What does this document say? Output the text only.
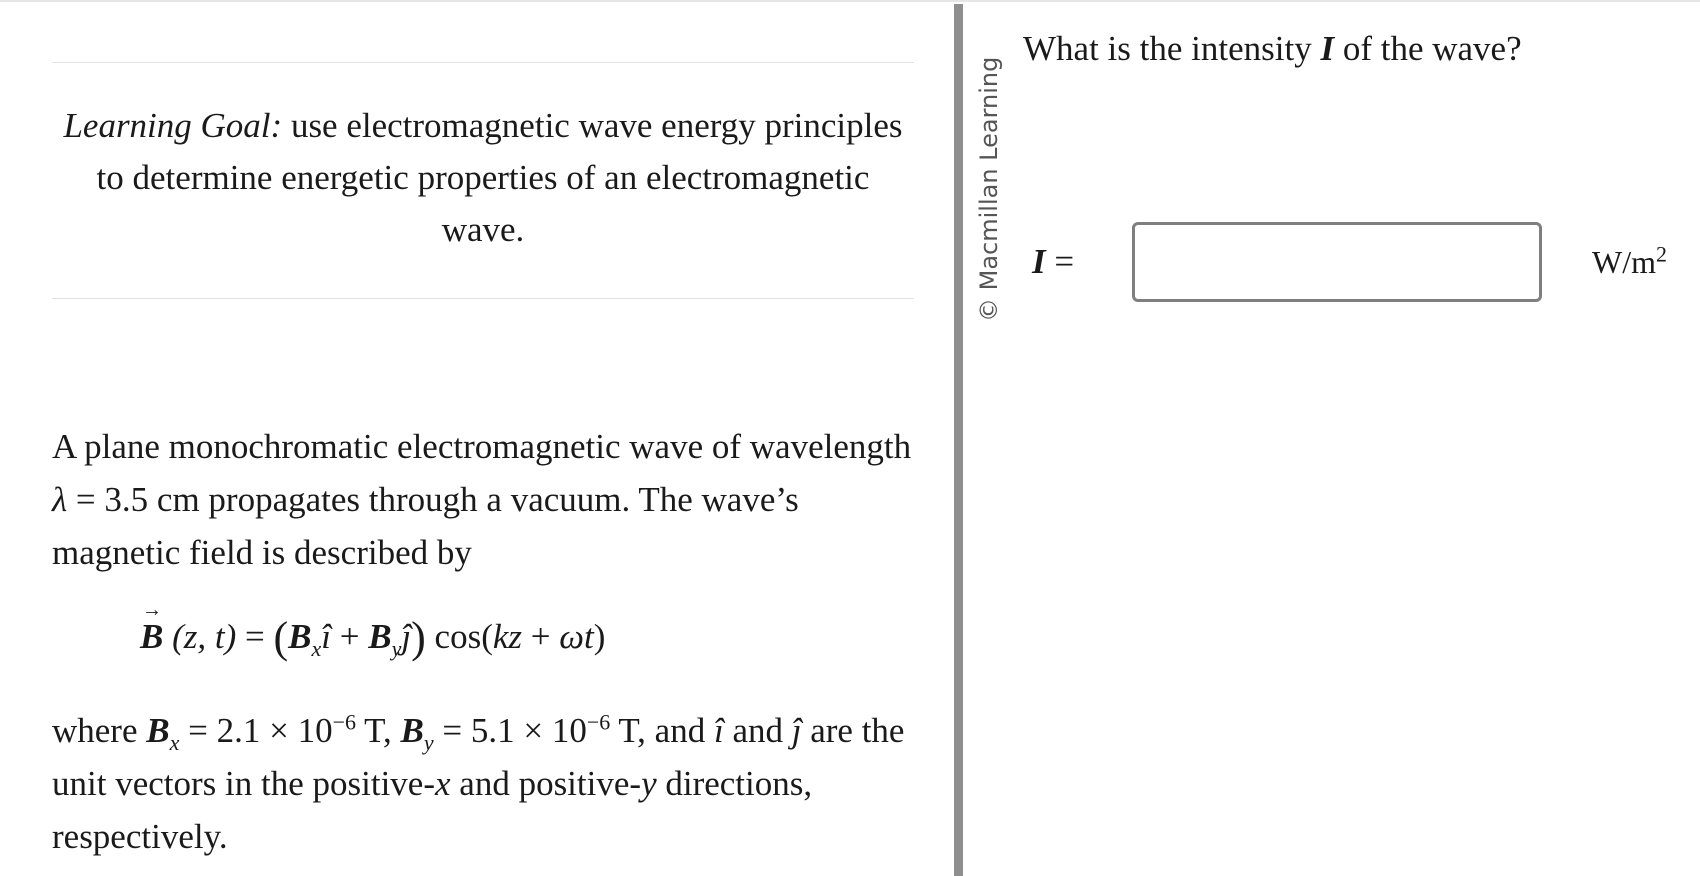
Learning Goal: use electromagnetic wave energy principles to determine energetic properties of an electromagnetic wave.
A plane monochromatic electromagnetic wave of wavelength λ = 3.5 cm propagates through a vacuum. The wave’s magnetic field is described by
→
B (z, $t) = (B_xî$ + $B_yĵ$) cos(kz + ωt)
where $B_x = 2.1 \times 10^{-6}$ T, $B_y = 5.1 \times 10^{-6}$ T, and î and ĵ are the unit vectors in the positive-x and positive-y directions, respectively.
© Macmillan Learning
What is the intensity I of the wave?
I =	$W/m^2$
